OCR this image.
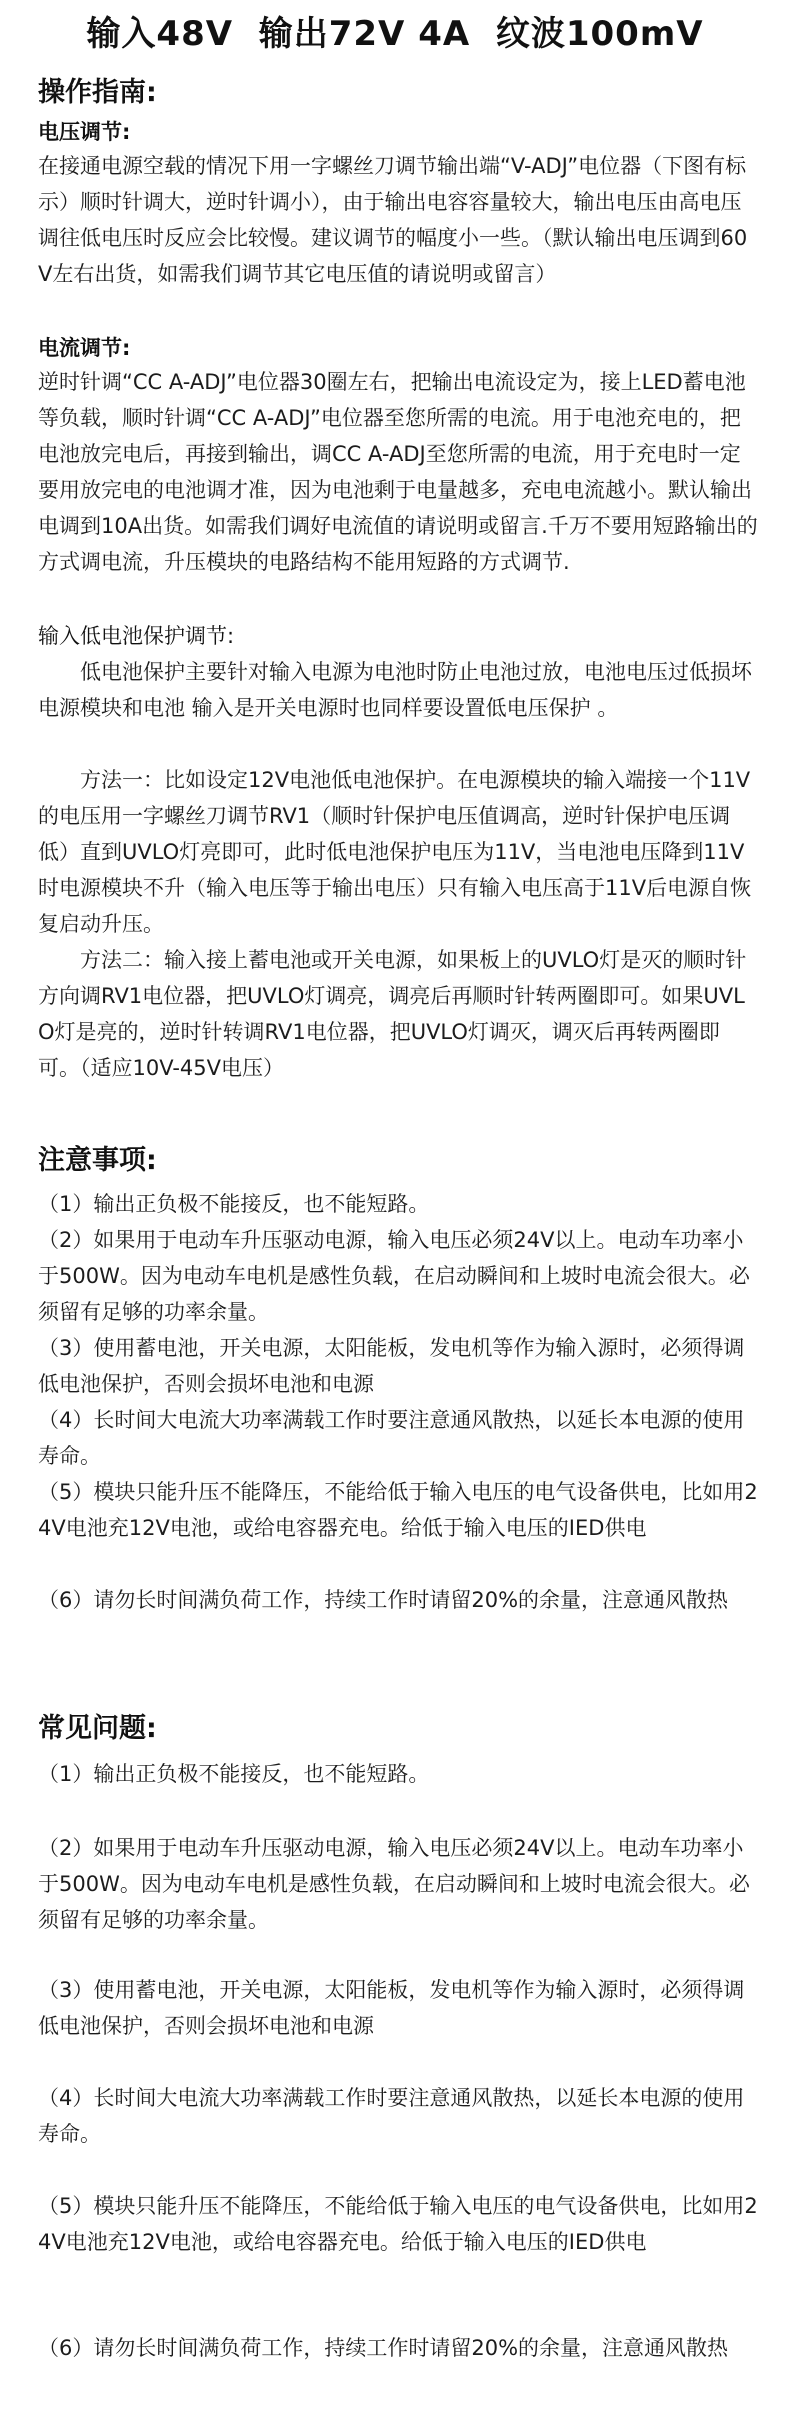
输入48V  输出72V 4A  纹波100mV
操作指南:
电压调节:
在接通电源空载的情况下用一字螺丝刀调节输出端“V-ADJ”电位器（下图有标示）顺时针调大，逆时针调小），由于输出电容容量较大，输出电压由高电压调往低电压时反应会比较慢。建议调节的幅度小一些。（默认输出电压调到60V左右出货，如需我们调节其它电压值的请说明或留言）
电流调节:
逆时针调“CC A-ADJ”电位器30圈左右，把输出电流设定为，接上LED蓄电池等负载，顺时针调“CC A-ADJ”电位器至您所需的电流。用于电池充电的，把电池放完电后，再接到输出，调CC A-ADJ至您所需的电流，用于充电时一定要用放完电的电池调才准，因为电池剩于电量越多，充电电流越小。默认输出电调到10A出货。如需我们调好电流值的请说明或留言.千万不要用短路输出的方式调电流，升压模块的电路结构不能用短路的方式调节.
输入低电池保护调节:
低电池保护主要针对输入电源为电池时防止电池过放，电池电压过低损坏电源模块和电池 输入是开关电源时也同样要设置低电压保护 。
方法一：比如设定12V电池低电池保护。在电源模块的输入端接一个11V的电压用一字螺丝刀调节RV1（顺时针保护电压值调高，逆时针保护电压调低）直到UVLO灯亮即可，此时低电池保护电压为11V，当电池电压降到11V时电源模块不升（输入电压等于输出电压）只有输入电压高于11V后电源自恢复启动升压。
方法二：输入接上蓄电池或开关电源，如果板上的UVLO灯是灭的顺时针方向调RV1电位器，把UVLO灯调亮，调亮后再顺时针转两圈即可。如果UVLO灯是亮的，逆时针转调RV1电位器，把UVLO灯调灭，调灭后再转两圈即可。（适应10V-45V电压）
注意事项:
（1）输出正负极不能接反，也不能短路。
（2）如果用于电动车升压驱动电源，输入电压必须24V以上。电动车功率小于500W。因为电动车电机是感性负载，在启动瞬间和上坡时电流会很大。必须留有足够的功率余量。
（3）使用蓄电池，开关电源，太阳能板，发电机等作为输入源时，必须得调低电池保护，否则会损坏电池和电源
（4）长时间大电流大功率满载工作时要注意通风散热，以延长本电源的使用寿命。
（5）模块只能升压不能降压，不能给低于输入电压的电气设备供电，比如用24V电池充12V电池，或给电容器充电。给低于输入电压的IED供电
（6）请勿长时间满负荷工作，持续工作时请留20%的余量，注意通风散热
常见问题:
（1）输出正负极不能接反，也不能短路。
（2）如果用于电动车升压驱动电源，输入电压必须24V以上。电动车功率小于500W。因为电动车电机是感性负载，在启动瞬间和上坡时电流会很大。必须留有足够的功率余量。
（3）使用蓄电池，开关电源，太阳能板，发电机等作为输入源时，必须得调低电池保护，否则会损坏电池和电源
（4）长时间大电流大功率满载工作时要注意通风散热，以延长本电源的使用寿命。
（5）模块只能升压不能降压，不能给低于输入电压的电气设备供电，比如用24V电池充12V电池，或给电容器充电。给低于输入电压的IED供电
（6）请勿长时间满负荷工作，持续工作时请留20%的余量，注意通风散热
